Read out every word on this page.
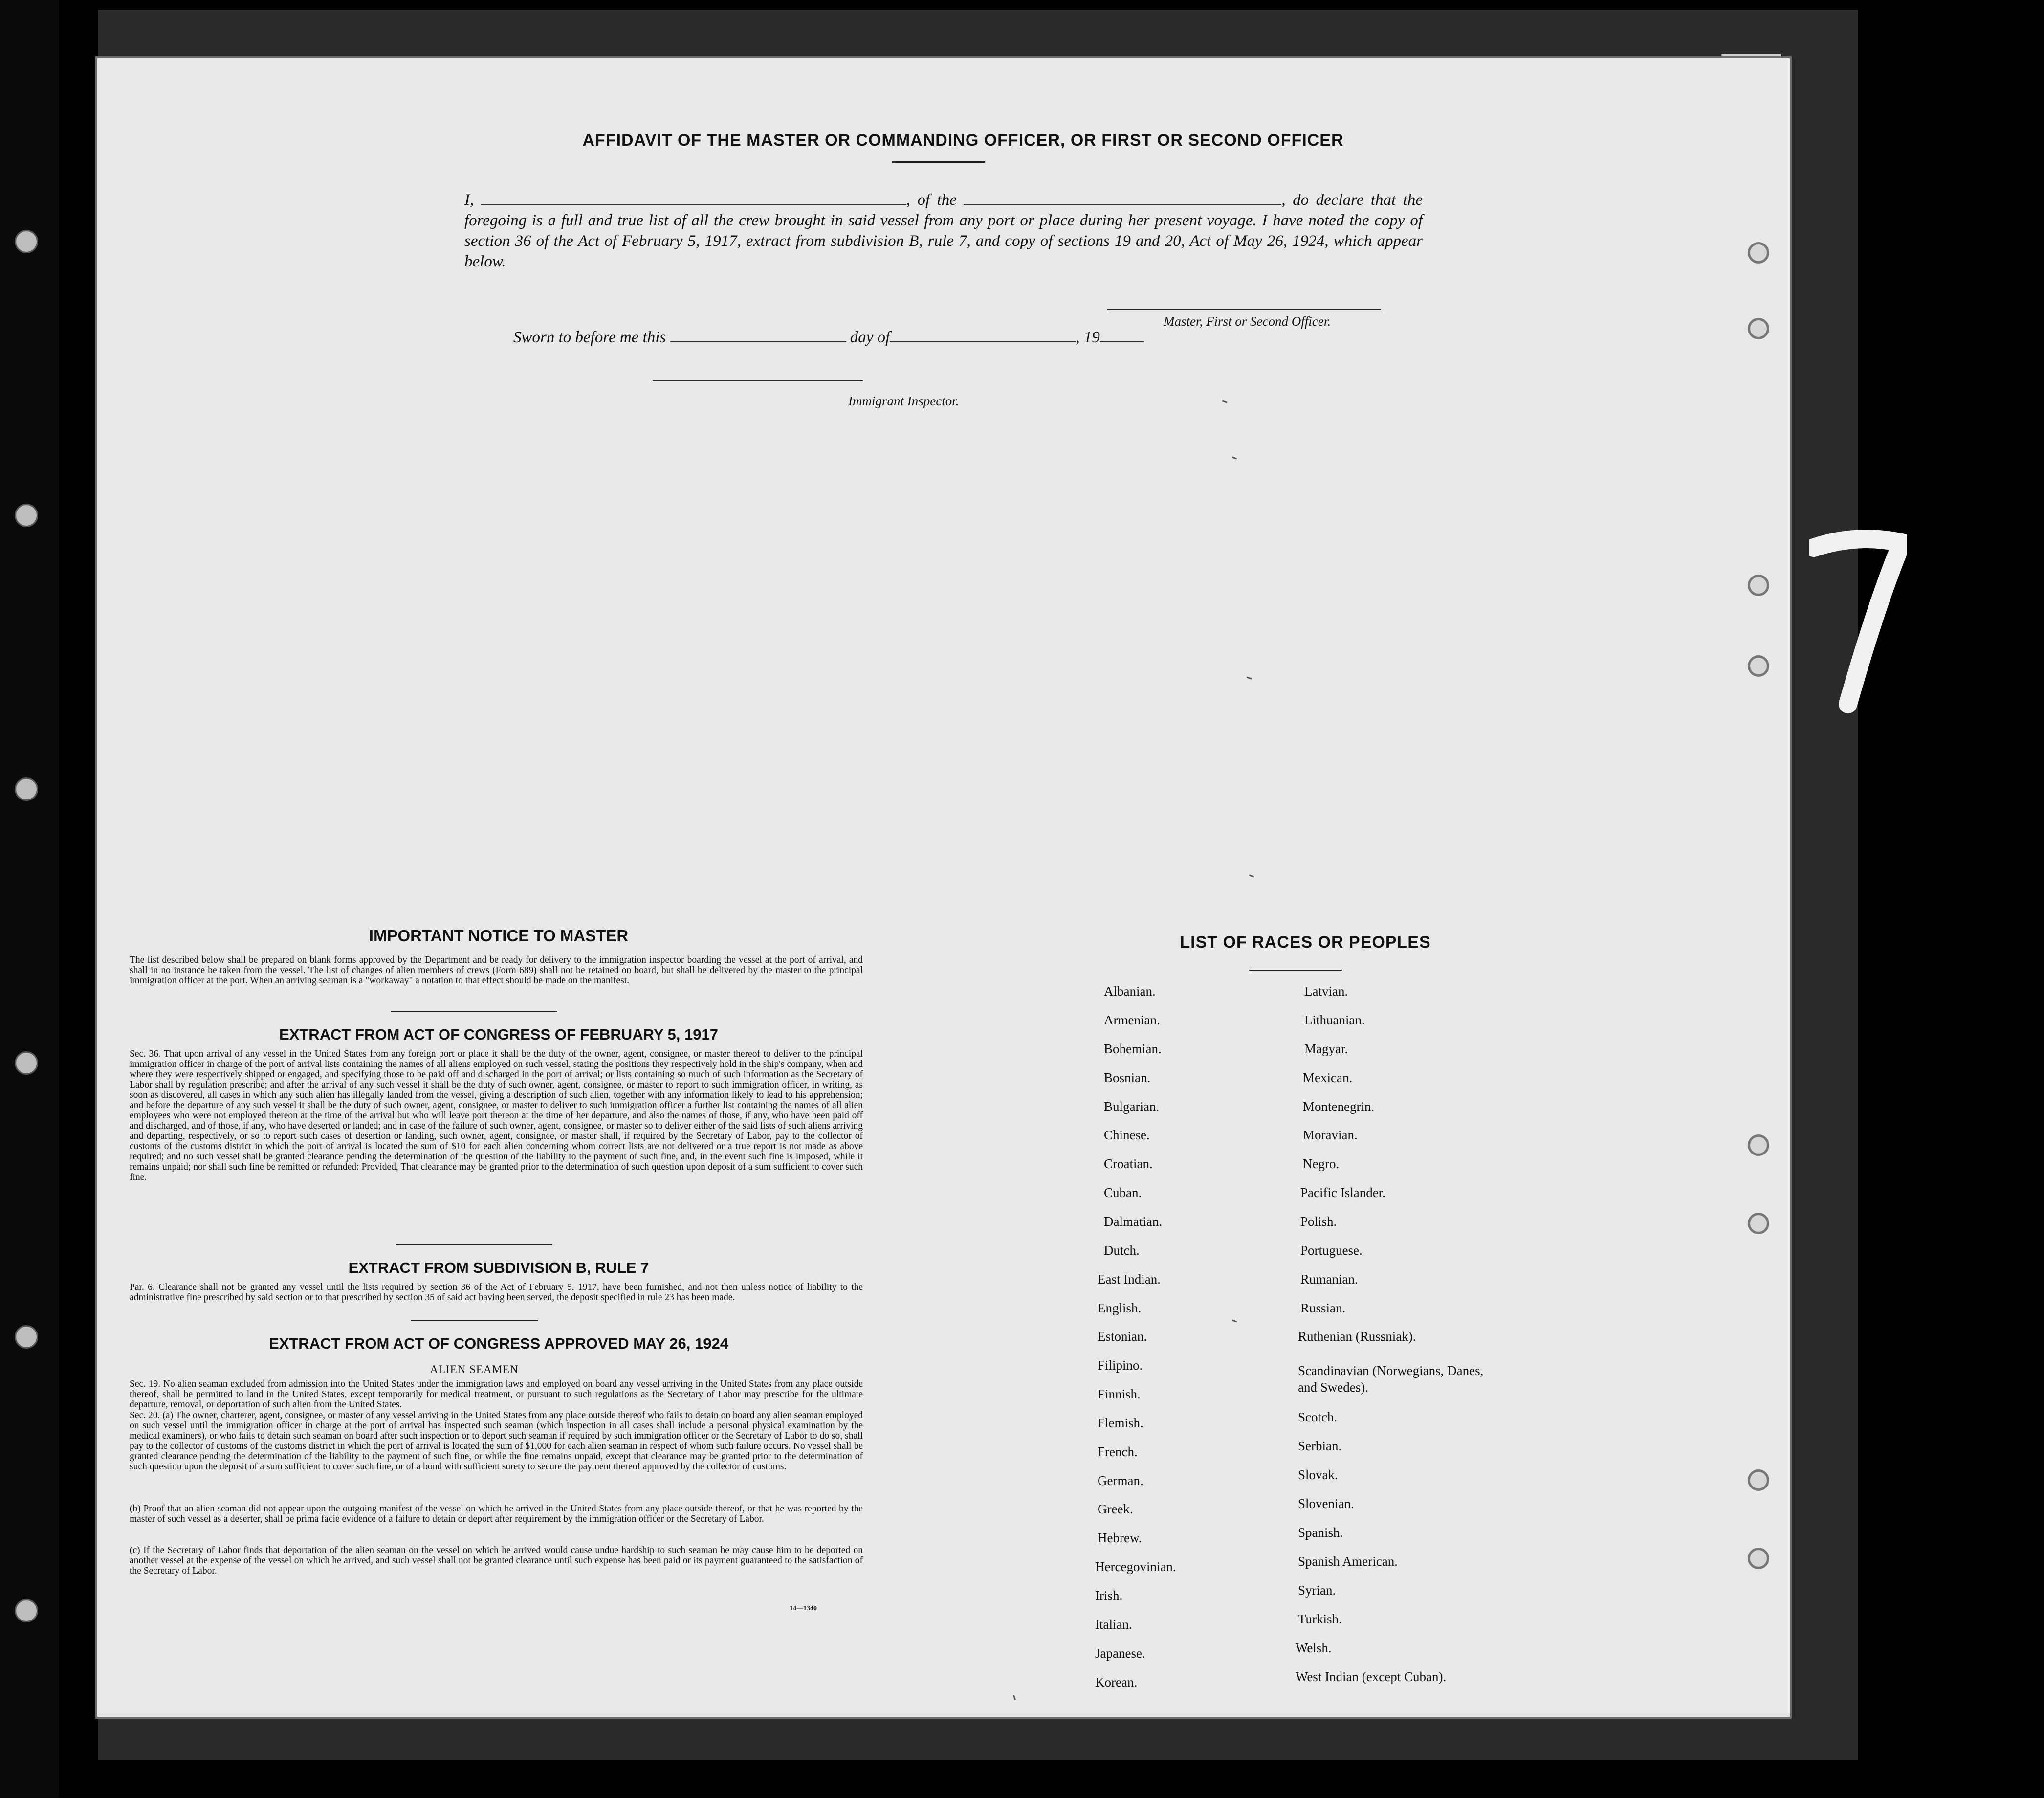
AFFIDAVIT OF THE MASTER OR COMMANDING OFFICER, OR FIRST OR SECOND OFFICER
I,	, of the	, do declare that the foregoing is a full and true list of all the crew brought in said vessel from any port or place during her present voyage. I have noted the copy of section 36 of the Act of February 5, 1917, extract from subdivision B, rule 7, and copy of sections 19 and 20, Act of May 26, 1924, which appear below.
Master, First or Second Officer.
Sworn to before me this	day of	, 19
Immigrant Inspector.
IMPORTANT NOTICE TO MASTER
The list described below shall be prepared on blank forms approved by the Department and be ready for delivery to the immigration inspector boarding the vessel at the port of arrival, and shall in no instance be taken from the vessel. The list of changes of alien members of crews (Form 689) shall not be retained on board, but shall be delivered by the master to the principal immigration officer at the port. When an arriving seaman is a "workaway" a notation to that effect should be made on the manifest.
EXTRACT FROM ACT OF CONGRESS OF FEBRUARY 5, 1917
Sec. 36. That upon arrival of any vessel in the United States from any foreign port or place it shall be the duty of the owner, agent, consignee, or master thereof to deliver to the principal immigration officer in charge of the port of arrival lists containing the names of all aliens employed on such vessel, stating the positions they respectively hold in the ship's company, when and where they were respectively shipped or engaged, and specifying those to be paid off and discharged in the port of arrival; or lists containing so much of such information as the Secretary of Labor shall by regulation prescribe; and after the arrival of any such vessel it shall be the duty of such owner, agent, consignee, or master to report to such immigration officer, in writing, as soon as discovered, all cases in which any such alien has illegally landed from the vessel, giving a description of such alien, together with any information likely to lead to his apprehension; and before the departure of any such vessel it shall be the duty of such owner, agent, consignee, or master to deliver to such immigration officer a further list containing the names of all alien employees who were not employed thereon at the time of the arrival but who will leave port thereon at the time of her departure, and also the names of those, if any, who have been paid off and discharged, and of those, if any, who have deserted or landed; and in case of the failure of such owner, agent, consignee, or master so to deliver either of the said lists of such aliens arriving and departing, respectively, or so to report such cases of desertion or landing, such owner, agent, consignee, or master shall, if required by the Secretary of Labor, pay to the collector of customs of the customs district in which the port of arrival is located the sum of $10 for each alien concerning whom correct lists are not delivered or a true report is not made as above required; and no such vessel shall be granted clearance pending the determination of the question of the liability to the payment of such fine, and, in the event such fine is imposed, while it remains unpaid; nor shall such fine be remitted or refunded: Provided, That clearance may be granted prior to the determination of such question upon deposit of a sum sufficient to cover such fine.
EXTRACT FROM SUBDIVISION B, RULE 7
Par. 6. Clearance shall not be granted any vessel until the lists required by section 36 of the Act of February 5, 1917, have been furnished, and not then unless notice of liability to the administrative fine prescribed by said section or to that prescribed by section 35 of said act having been served, the deposit specified in rule 23 has been made.
EXTRACT FROM ACT OF CONGRESS APPROVED MAY 26, 1924
ALIEN SEAMEN
Sec. 19. No alien seaman excluded from admission into the United States under the immigration laws and employed on board any vessel arriving in the United States from any place outside thereof, shall be permitted to land in the United States, except temporarily for medical treatment, or pursuant to such regulations as the Secretary of Labor may prescribe for the ultimate departure, removal, or deportation of such alien from the United States.
Sec. 20. (a) The owner, charterer, agent, consignee, or master of any vessel arriving in the United States from any place outside thereof who fails to detain on board any alien seaman employed on such vessel until the immigration officer in charge at the port of arrival has inspected such seaman (which inspection in all cases shall include a personal physical examination by the medical examiners), or who fails to detain such seaman on board after such inspection or to deport such seaman if required by such immigration officer or the Secretary of Labor to do so, shall pay to the collector of customs of the customs district in which the port of arrival is located the sum of $1,000 for each alien seaman in respect of whom such failure occurs. No vessel shall be granted clearance pending the determination of the liability to the payment of such fine, or while the fine remains unpaid, except that clearance may be granted prior to the determination of such question upon the deposit of a sum sufficient to cover such fine, or of a bond with sufficient surety to secure the payment thereof approved by the collector of customs.
(b) Proof that an alien seaman did not appear upon the outgoing manifest of the vessel on which he arrived in the United States from any place outside thereof, or that he was reported by the master of such vessel as a deserter, shall be prima facie evidence of a failure to detain or deport after requirement by the immigration officer or the Secretary of Labor.
(c) If the Secretary of Labor finds that deportation of the alien seaman on the vessel on which he arrived would cause undue hardship to such seaman he may cause him to be deported on another vessel at the expense of the vessel on which he arrived, and such vessel shall not be granted clearance until such expense has been paid or its payment guaranteed to the satisfaction of the Secretary of Labor.
14—1340
LIST OF RACES OR PEOPLES
Albanian.
Armenian.
Bohemian.
Bosnian.
Bulgarian.
Chinese.
Croatian.
Cuban.
Dalmatian.
Dutch.
East Indian.
English.
Estonian.
Filipino.
Finnish.
Flemish.
French.
German.
Greek.
Hebrew.
Hercegovinian.
Irish.
Italian.
Japanese.
Korean.
Latvian.
Lithuanian.
Magyar.
Mexican.
Montenegrin.
Moravian.
Negro.
Pacific Islander.
Polish.
Portuguese.
Rumanian.
Russian.
Ruthenian (Russniak).
Scandinavian (Norwegians, Danes, and Swedes).
Scotch.
Serbian.
Slovak.
Slovenian.
Spanish.
Spanish American.
Syrian.
Turkish.
Welsh.
West Indian (except Cuban).
